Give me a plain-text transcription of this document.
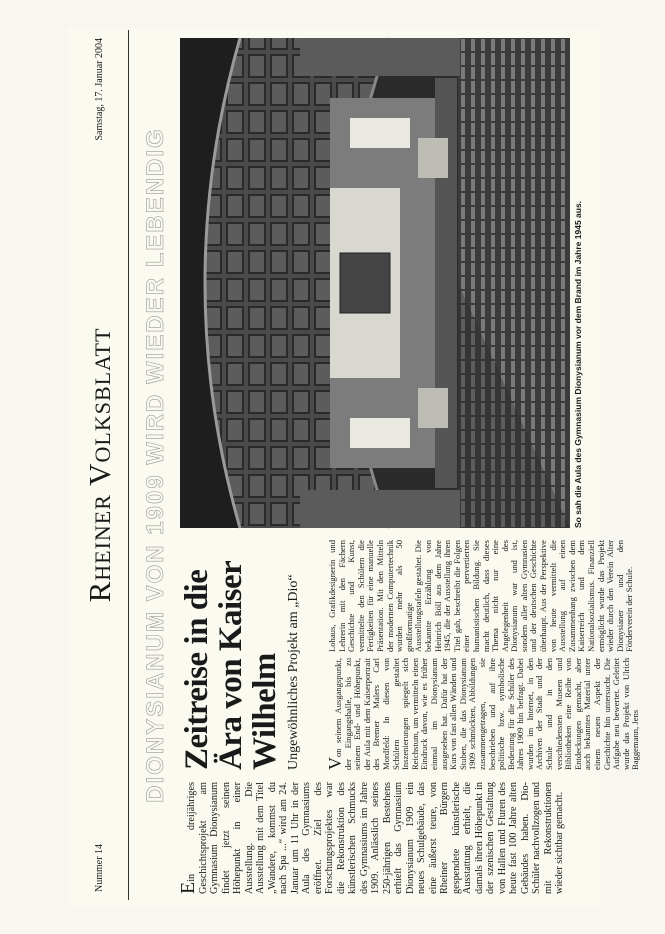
Nummer 14
Rheiner Volksblatt
Samstag, 17. Januar 2004
DIONYSIANUM VON 1909 WIRD WIEDER LEBENDIG
Ein dreijähriges Geschichtsprojekt am Gymnasium Dionysianum findet jetzt seinen Höhepunkt in einer Ausstellung. Die Ausstellung mit dem Titel „Wandere, kommst du nach Spa ...“ wird am 24. Januar um 11 Uhr in der Aula des Gymnasiums eröffnet. Ziel des Forschungsprojektes war die Rekonstruktion des künstlerischen Schmucks des Gymnasiums im Jahre 1909. Anlässlich seines 250-jährigen Bestehens erhielt das Gymnasium Dionysianum 1909 ein neues Schulgebäude, das eine äußerst teure, von Rheiner Bürgern gespendete künstlerische Ausstattung erhielt, die damals ihren Höhepunkt in der szenischen Gestaltung von Hallen und Fluren des heute fast 100 Jahre alten Gebäudes haben. Dio-Schüler nachvollzogen und mit Rekonstruktionen wieder sichtbar gemacht.
Zeitreise in die Ära von Kaiser Wilhelm Ungewöhnliches Projekt am „Dio“ Von seinem Ausgangspunkt, der Eingangshalle, bis zu seinem End- und Höhepunkt, der Aula mit dem Kaiserportrait des Bremer Malers Carl Mordfeld: In diesen von Schülern gestaltet Inszenierungen spiegelt sich Reichstum, um vermitteln einen Eindruck davon, wie es früher einmal im Dionysianum ausgesehen hat. Dafür hat der Kurs von fast allen Wänden und Stuben, die das Dionysianum 1909 schmückten, Abbildungen zusammengetragen, sie beschrieben und auf ihre politische bzw. symbolische Bedeutung für die Schüler des Jahres 1909 hin befragt. Dabei wurden im Internet, in den Archiven der Stadt und der Schule und in den verschiedensten Museen und Bibliotheken eine Reihe von Entdeckungen gemacht, aber auch bekanntes Material unter einem neuen Aspekt der Geschichte hin untersucht. Die Aufgabe neu bewertet. Geleitet wurde das Projekt von Ulrich Baggemann, Jens
Lohaus, Grafikdesignerin und Lehrerin mit den Fächern Geschichte und Kunst, vermittelte den Schülern die Fertigkeiten für eine manuelle Präsentation. Mit den Mitteln der modernen Computertechnik wurden mehr als 50 großformatige Ausstellungstafeln gestaltet. Die bekannte Erzählung von Heinrich Böll aus dem Jahre 1945, die der Ausstellung ihren Titel gab, beschreibt die Folgen einer pervertierten humanistischen Bildung. Sie macht deutlich, dass dieses Thema nicht nur eine Angelegenheit des Dionysianum war und ist, sondern aller alten Gymnasien und der deutschen Geschichte überhaupt. Aus der Perspektive von heute vermittelt die Ausstellung auf einen Zusammenhang zwischen dem Kaiserreich und dem Nationalsozialismus. Finanziell ermöglicht wurde das Projekt wieder durch den Verein Alter Dionysianer und den Förderverein der Schule.
So sah die Aula des Gymnasium Dionysianum vor dem Brand im Jahre 1945 aus.
